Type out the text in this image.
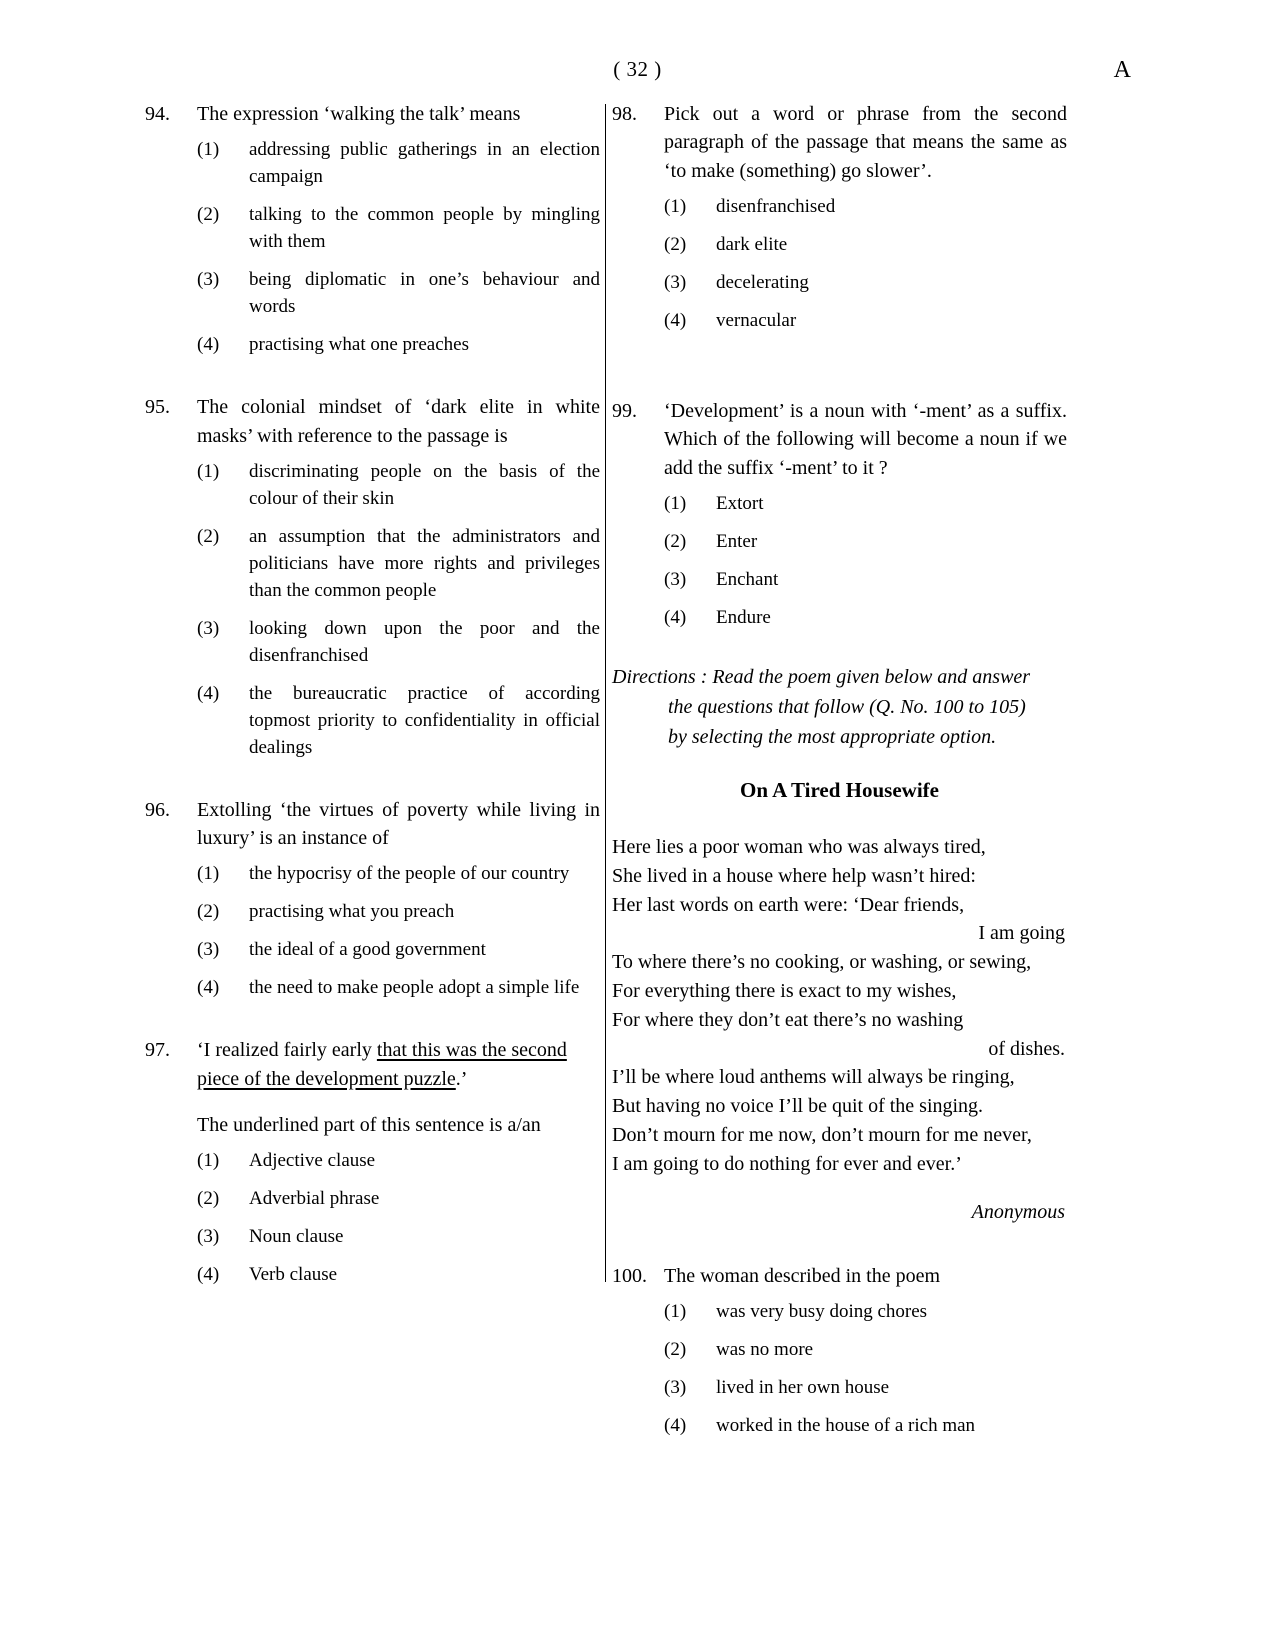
( 32 )	A
94.	The expression ‘walking the talk’ means
(1)	addressing public gatherings in an election campaign
(2)	talking to the common people by mingling with them
(3)	being diplomatic in one’s behaviour and words
(4)	practising what one preaches
95.	The colonial mindset of ‘dark elite in white masks’ with reference to the passage is
(1)	discriminating people on the basis of the colour of their skin
(2)	an assumption that the administrators and politicians have more rights and privileges than the common people
(3)	looking down upon the poor and the disenfranchised
(4)	the bureaucratic practice of according topmost priority to confidentiality in official dealings
96.	Extolling ‘the virtues of poverty while living in luxury’ is an instance of
(1)	the hypocrisy of the people of our country
(2)	practising what you preach
(3)	the ideal of a good government
(4)	the need to make people adopt a simple life
97.	‘I realized fairly early that this was the second piece of the development puzzle.’
The underlined part of this sentence is a/an
(1)	Adjective clause
(2)	Adverbial phrase
(3)	Noun clause
(4)	Verb clause
98.	Pick out a word or phrase from the second paragraph of the passage that means the same as ‘to make (something) go slower’.
(1)	disenfranchised
(2)	dark elite
(3)	decelerating
(4)	vernacular
99.	‘Development’ is a noun with ‘-ment’ as a suffix. Which of the following will become a noun if we add the suffix ‘-ment’ to it ?
(1)	Extort
(2)	Enter
(3)	Enchant
(4)	Endure
Directions : Read the poem given below and answer
the questions that follow (Q. No. 100 to 105)
by selecting the most appropriate option.
On A Tired Housewife
Here lies a poor woman who was always tired,
She lived in a house where help wasn’t hired:
Her last words on earth were: ‘Dear friends,
I am going
To where there’s no cooking, or washing, or sewing,
For everything there is exact to my wishes,
For where they don’t eat there’s no washing
of dishes.
I’ll be where loud anthems will always be ringing,
But having no voice I’ll be quit of the singing.
Don’t mourn for me now, don’t mourn for me never,
I am going to do nothing for ever and ever.’
Anonymous
100. The woman described in the poem
(1)	was very busy doing chores
(2)	was no more
(3)	lived in her own house
(4)	worked in the house of a rich man
